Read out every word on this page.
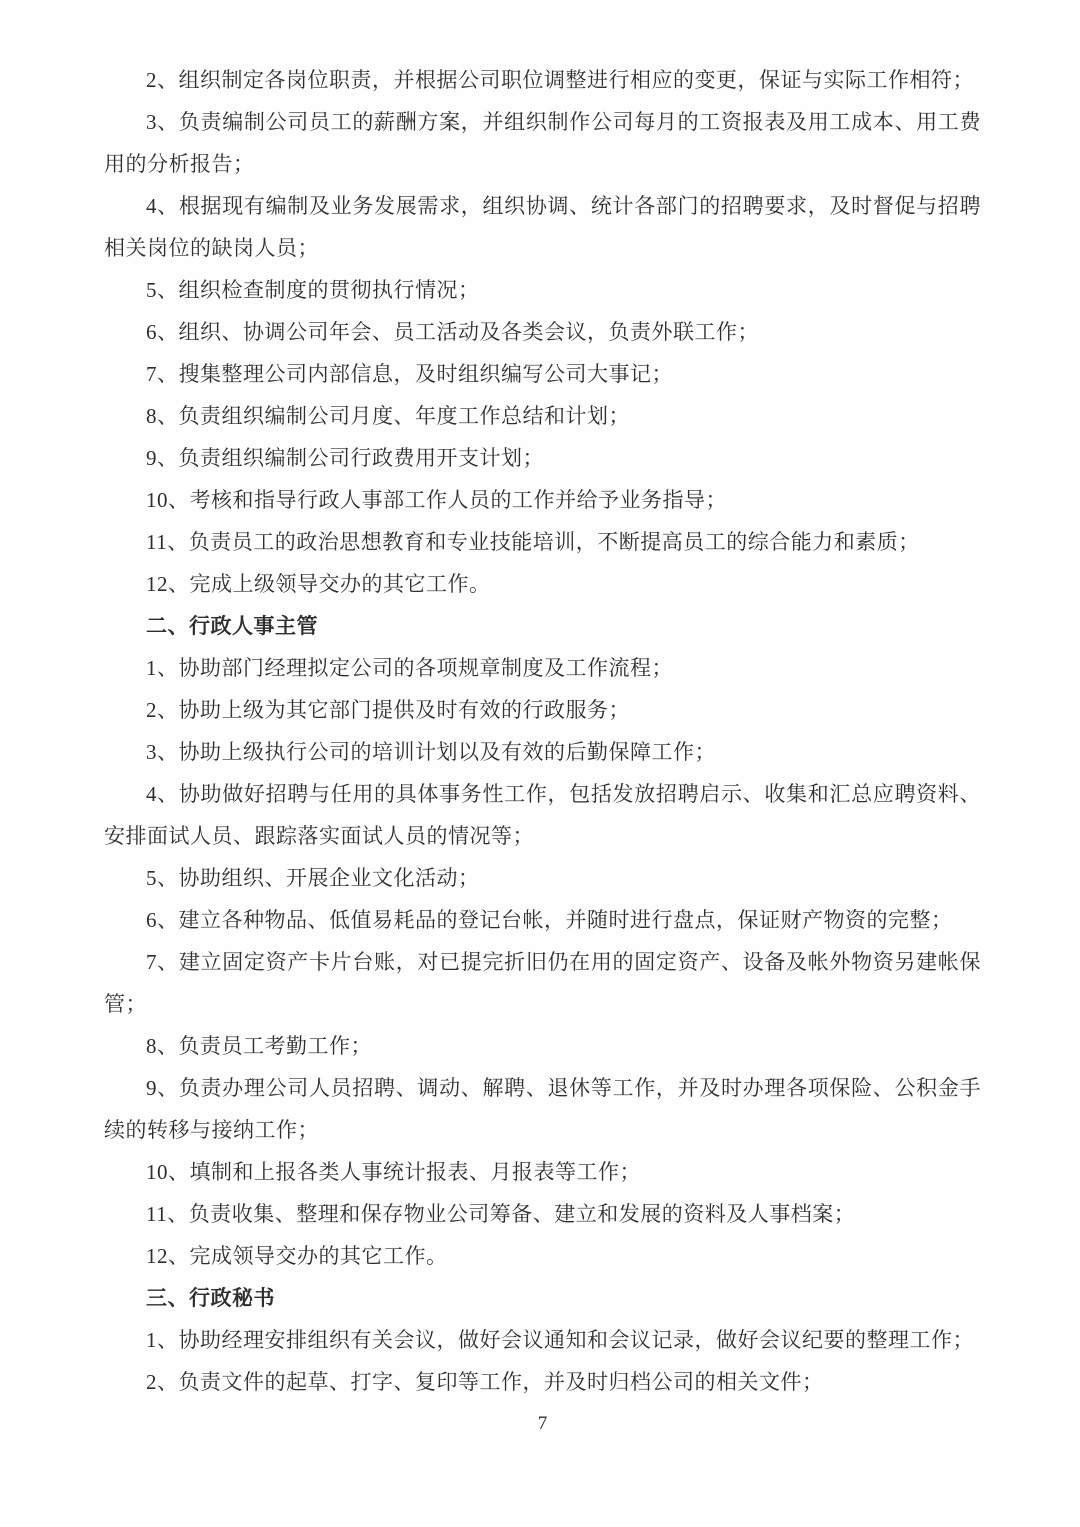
2、组织制定各岗位职责，并根据公司职位调整进行相应的变更，保证与实际工作相符；

3、负责编制公司员工的薪酬方案，并组织制作公司每月的工资报表及用工成本、用工费用的分析报告；

4、根据现有编制及业务发展需求，组织协调、统计各部门的招聘要求，及时督促与招聘相关岗位的缺岗人员；

5、组织检查制度的贯彻执行情况；

6、组织、协调公司年会、员工活动及各类会议，负责外联工作；

7、搜集整理公司内部信息，及时组织编写公司大事记；

8、负责组织编制公司月度、年度工作总结和计划；

9、负责组织编制公司行政费用开支计划；

10、考核和指导行政人事部工作人员的工作并给予业务指导；

11、负责员工的政治思想教育和专业技能培训，不断提高员工的综合能力和素质；

12、完成上级领导交办的其它工作。

二、行政人事主管

1、协助部门经理拟定公司的各项规章制度及工作流程；

2、协助上级为其它部门提供及时有效的行政服务；

3、协助上级执行公司的培训计划以及有效的后勤保障工作；

4、协助做好招聘与任用的具体事务性工作，包括发放招聘启示、收集和汇总应聘资料、安排面试人员、跟踪落实面试人员的情况等；

5、协助组织、开展企业文化活动；

6、建立各种物品、低值易耗品的登记台帐，并随时进行盘点，保证财产物资的完整；

7、建立固定资产卡片台账，对已提完折旧仍在用的固定资产、设备及帐外物资另建帐保管；

8、负责员工考勤工作；

9、负责办理公司人员招聘、调动、解聘、退休等工作，并及时办理各项保险、公积金手续的转移与接纳工作；

10、填制和上报各类人事统计报表、月报表等工作；

11、负责收集、整理和保存物业公司筹备、建立和发展的资料及人事档案；

12、完成领导交办的其它工作。

三、行政秘书

1、协助经理安排组织有关会议，做好会议通知和会议记录，做好会议纪要的整理工作；

2、负责文件的起草、打字、复印等工作，并及时归档公司的相关文件；

7
